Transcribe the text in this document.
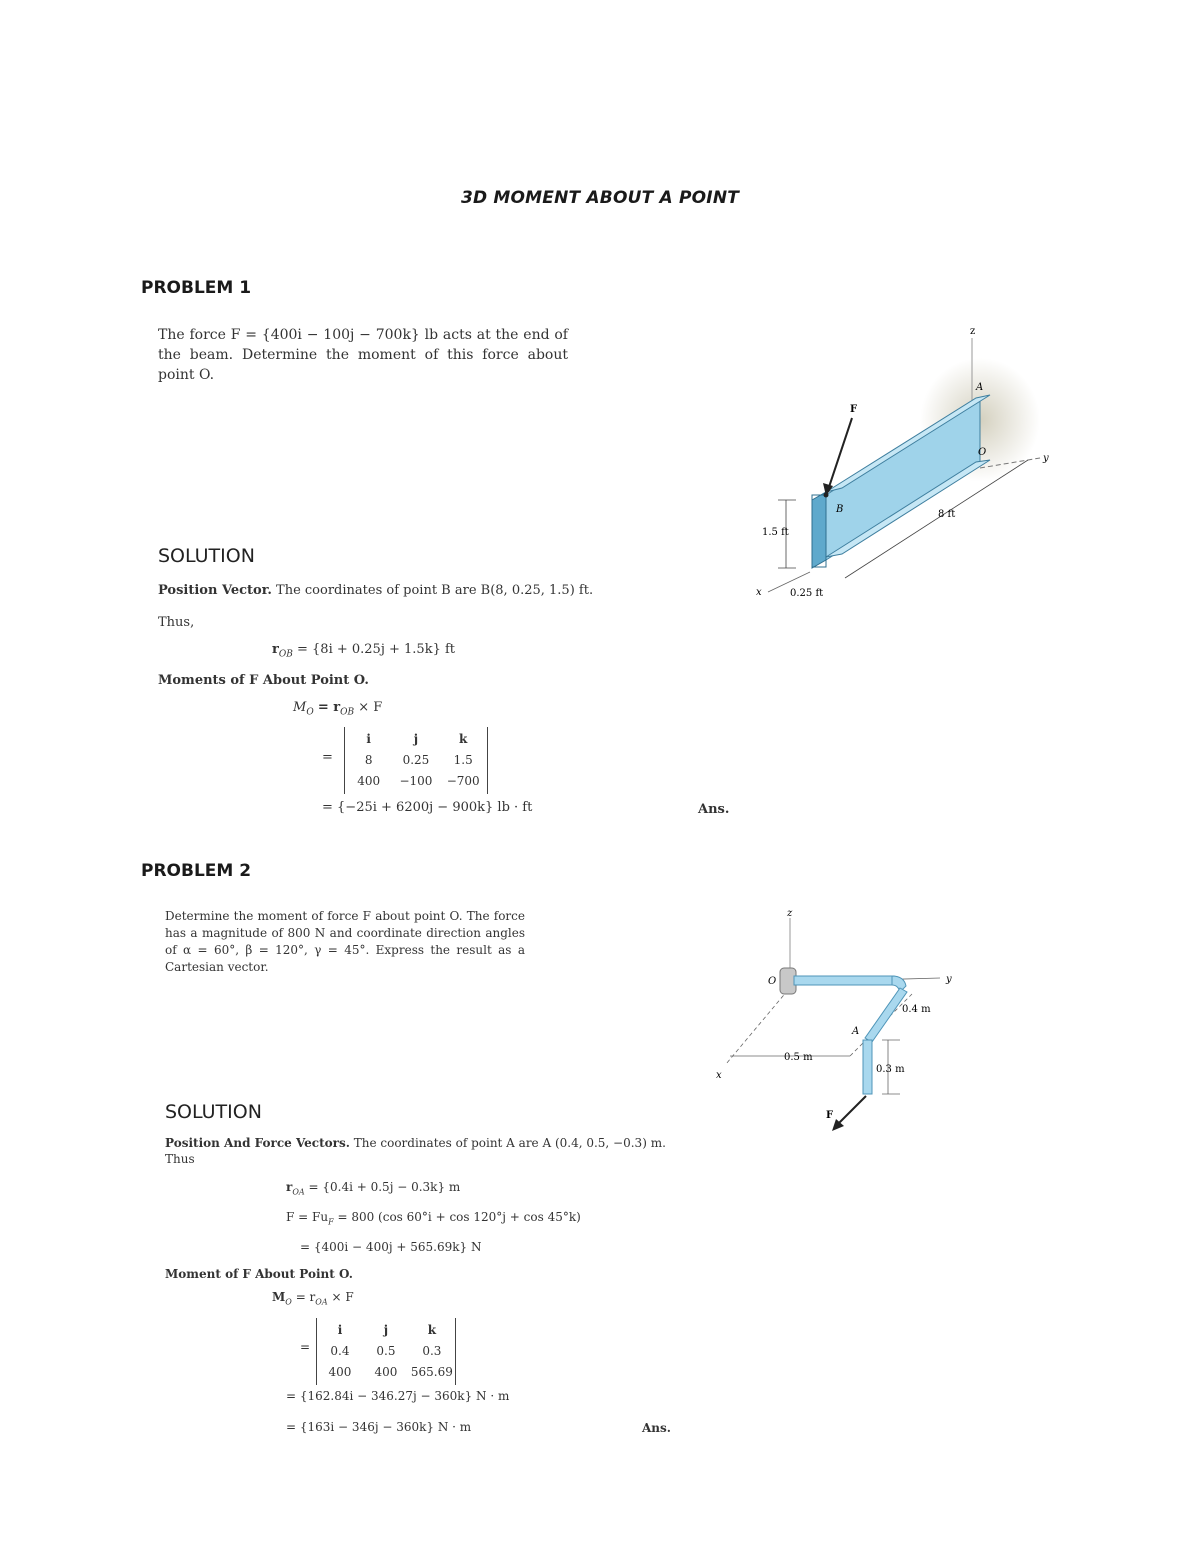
3D MOMENT ABOUT A POINT
PROBLEM 1
The force F = {400i − 100j − 700k} lb acts at the end of the beam. Determine the moment of this force about point O.
SOLUTION
Position Vector. The coordinates of point B are B(8, 0.25, 1.5) ft.
Thus,
$r_{OB} = \{8i + 0.25j + 1.5k\}$ ft
Moments of F About Point O.
$M_O = r_{OB} \times F$
=
i	j	k
8	0.25	1.5
400	−100	−700
= {−25i + 6200j − 900k} lb · ft	Ans.
z
A
F
O
y
B	8 ft
1.5 ft
x	0.25 ft
PROBLEM 2
Determine the moment of force F about point O. The force has a magnitude of 800 N and coordinate direction angles of α = 60°, β = 120°, γ = 45°. Express the result as a Cartesian vector.
SOLUTION
Position And Force Vectors. The coordinates of point A are A (0.4, 0.5, −0.3) m.
Thus
$r_{OA} = \{0.4i + 0.5j - 0.3k\}$ m
$F = Fu_F = 800$ (cos 60°i + cos 120°j + cos 45°k)
= {400i − 400j + 565.69k} N
Moment of F About Point O.
$M_O = r_{OA} \times F$
=
i	j	k
0.4	0.5	0.3
400	400	565.69
= {162.84i − 346.27j − 360k} N · m
= {163i − 346j − 360k} N · m	Ans.
z
O	y
0.4 m
A
0.5 m
0.3 m
x
F
